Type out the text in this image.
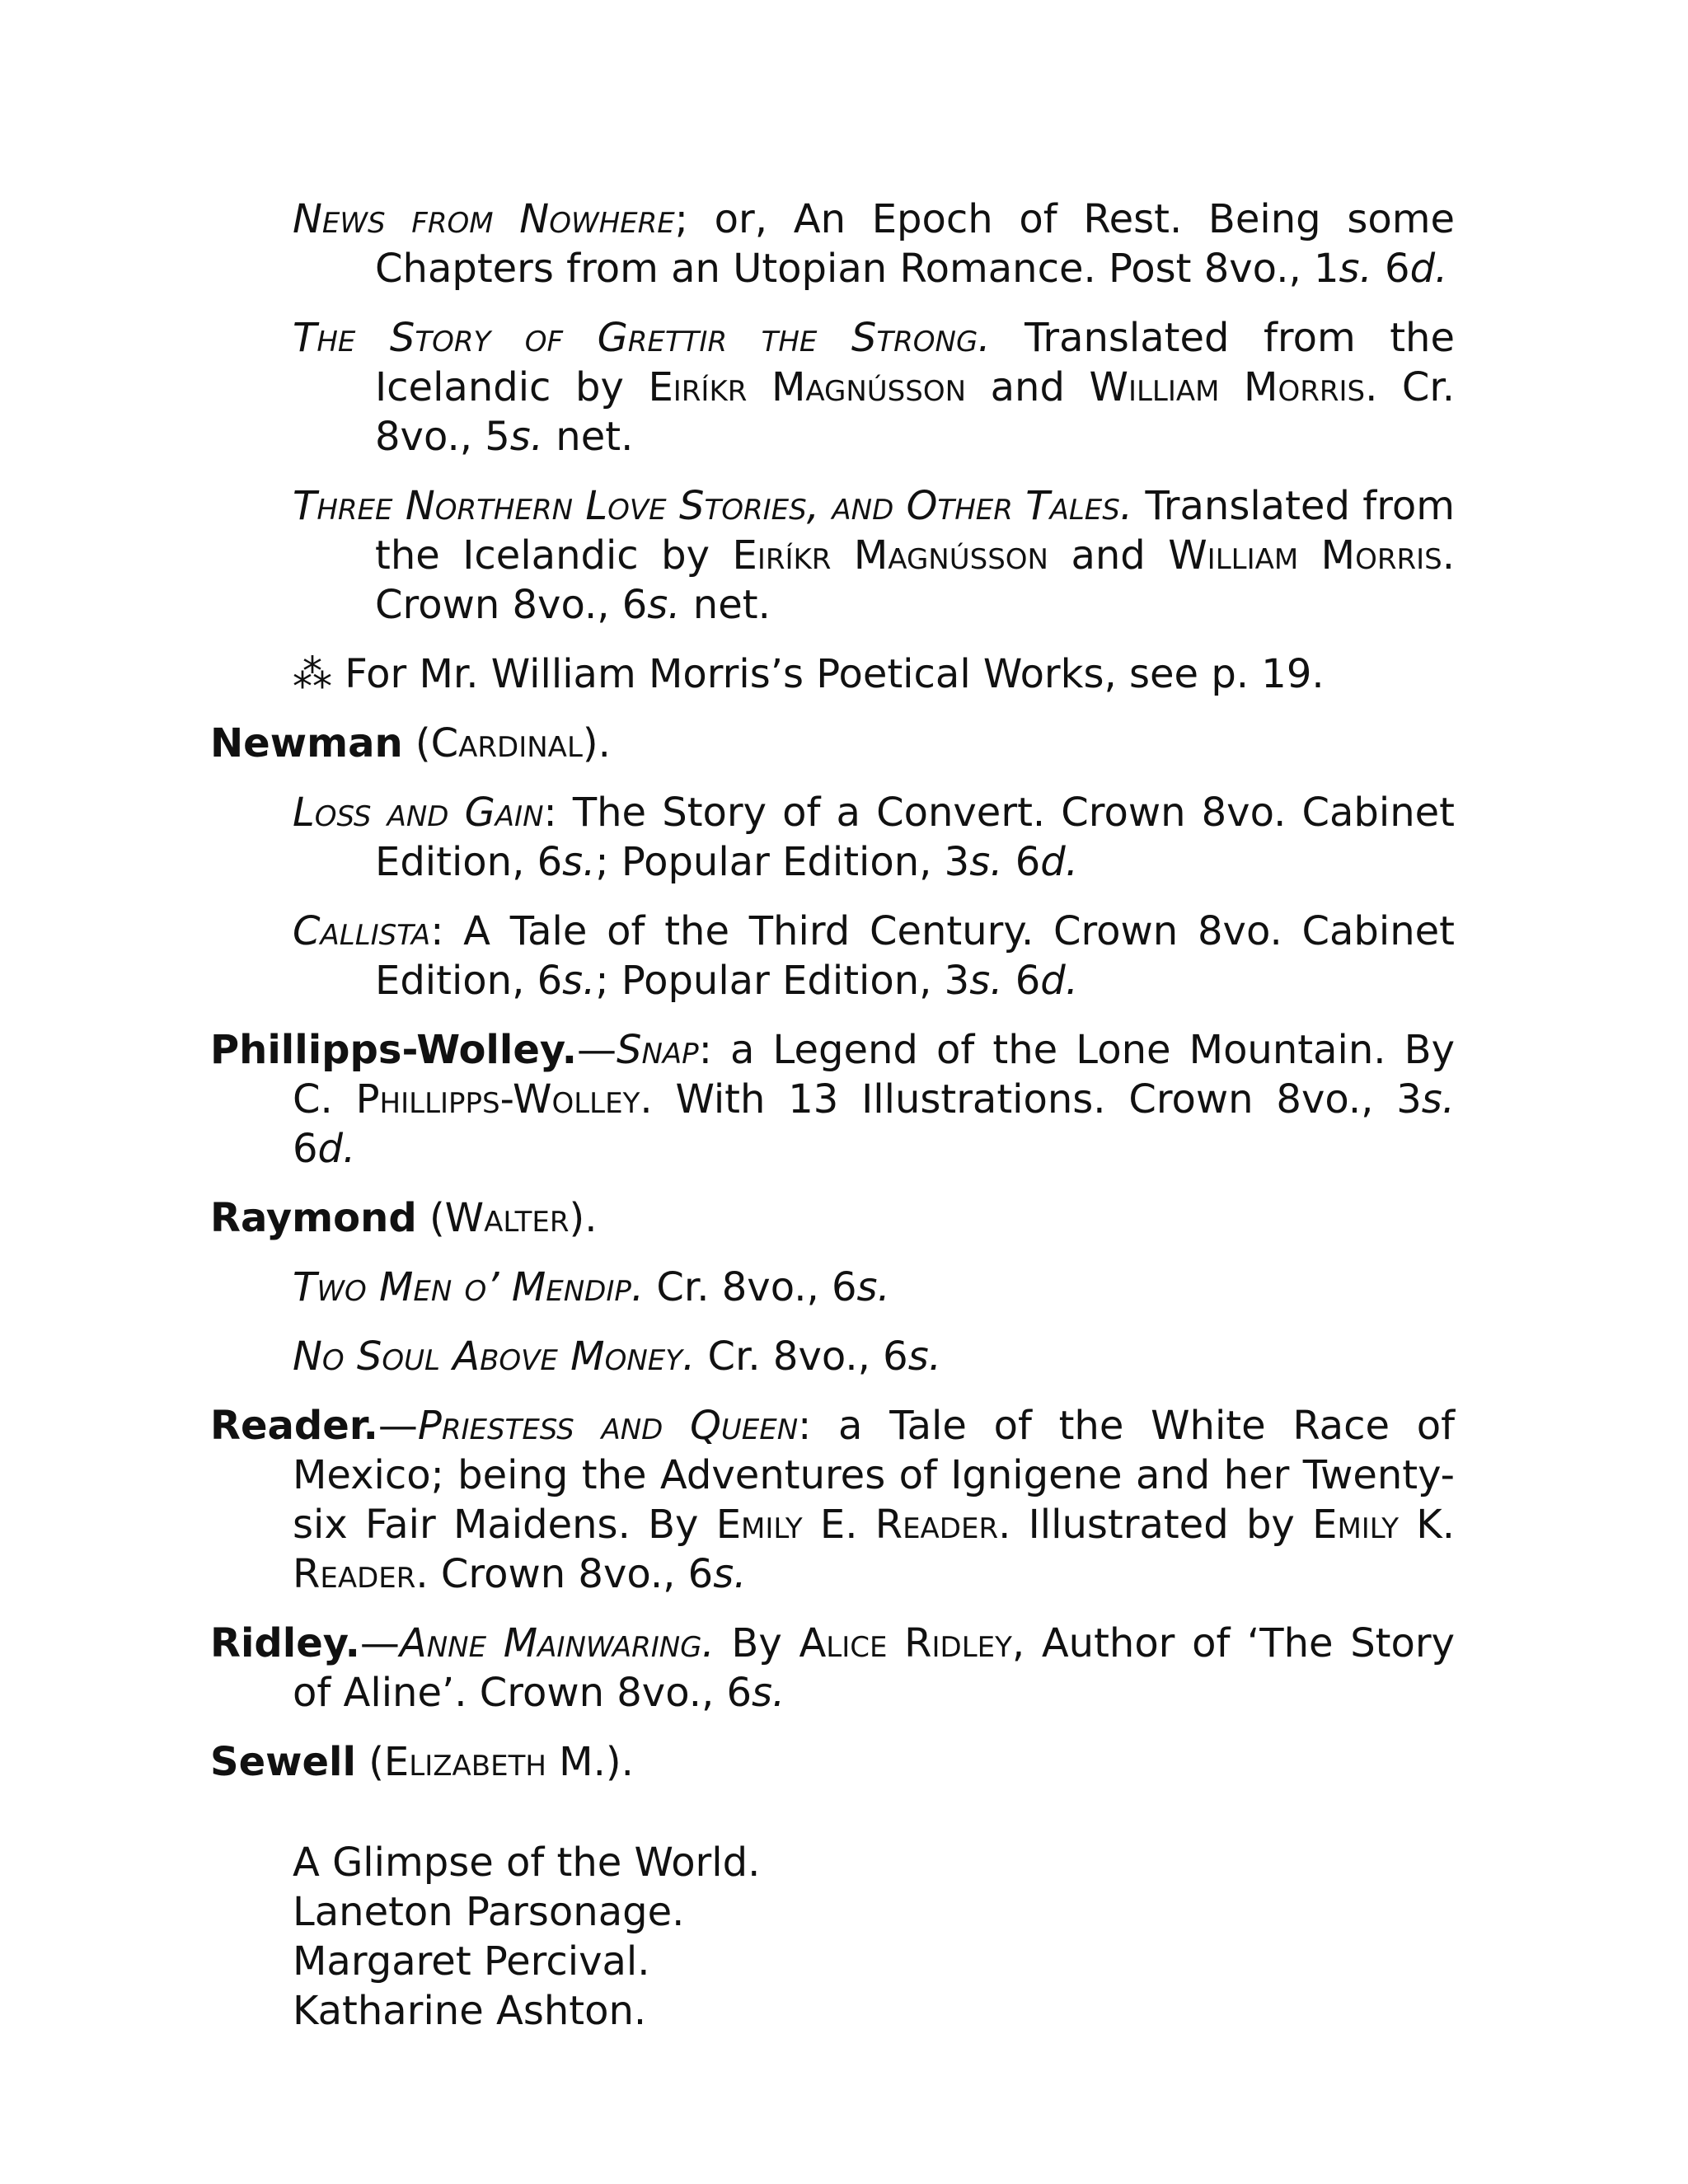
News from Nowhere; or, An Epoch of Rest. Being some Chapters from an Utopian Romance. Post 8vo., 1s. 6d.

The Story of Grettir the Strong. Translated from the Icelandic by Eiríkr Magnússon and William Morris. Cr. 8vo., 5s. net.

Three Northern Love Stories, and Other Tales. Translated from the Icelandic by Eiríkr Magnússon and William Morris. Crown 8vo., 6s. net.

⁂ For Mr. William Morris’s Poetical Works, see p. 19.

Newman (Cardinal).

Loss and Gain: The Story of a Convert. Crown 8vo. Cabinet Edition, 6s.; Popular Edition, 3s. 6d.

Callista: A Tale of the Third Century. Crown 8vo. Cabinet Edition, 6s.; Popular Edition, 3s. 6d.

Phillipps-Wolley.—Snap: a Legend of the Lone Mountain. By C. Phillipps-Wolley. With 13 Illustrations. Crown 8vo., 3s. 6d.

Raymond (Walter).

Two Men o’ Mendip. Cr. 8vo., 6s.

No Soul Above Money. Cr. 8vo., 6s.

Reader.—Priestess and Queen: a Tale of the White Race of Mexico; being the Adventures of Ignigene and her Twenty-six Fair Maidens. By Emily E. Reader. Illustrated by Emily K. Reader. Crown 8vo., 6s.

Ridley.—Anne Mainwaring. By Alice Ridley, Author of ‘The Story of Aline’. Crown 8vo., 6s.

Sewell (Elizabeth M.).

A Glimpse of the World.
Laneton Parsonage.
Margaret Percival.
Katharine Ashton.
